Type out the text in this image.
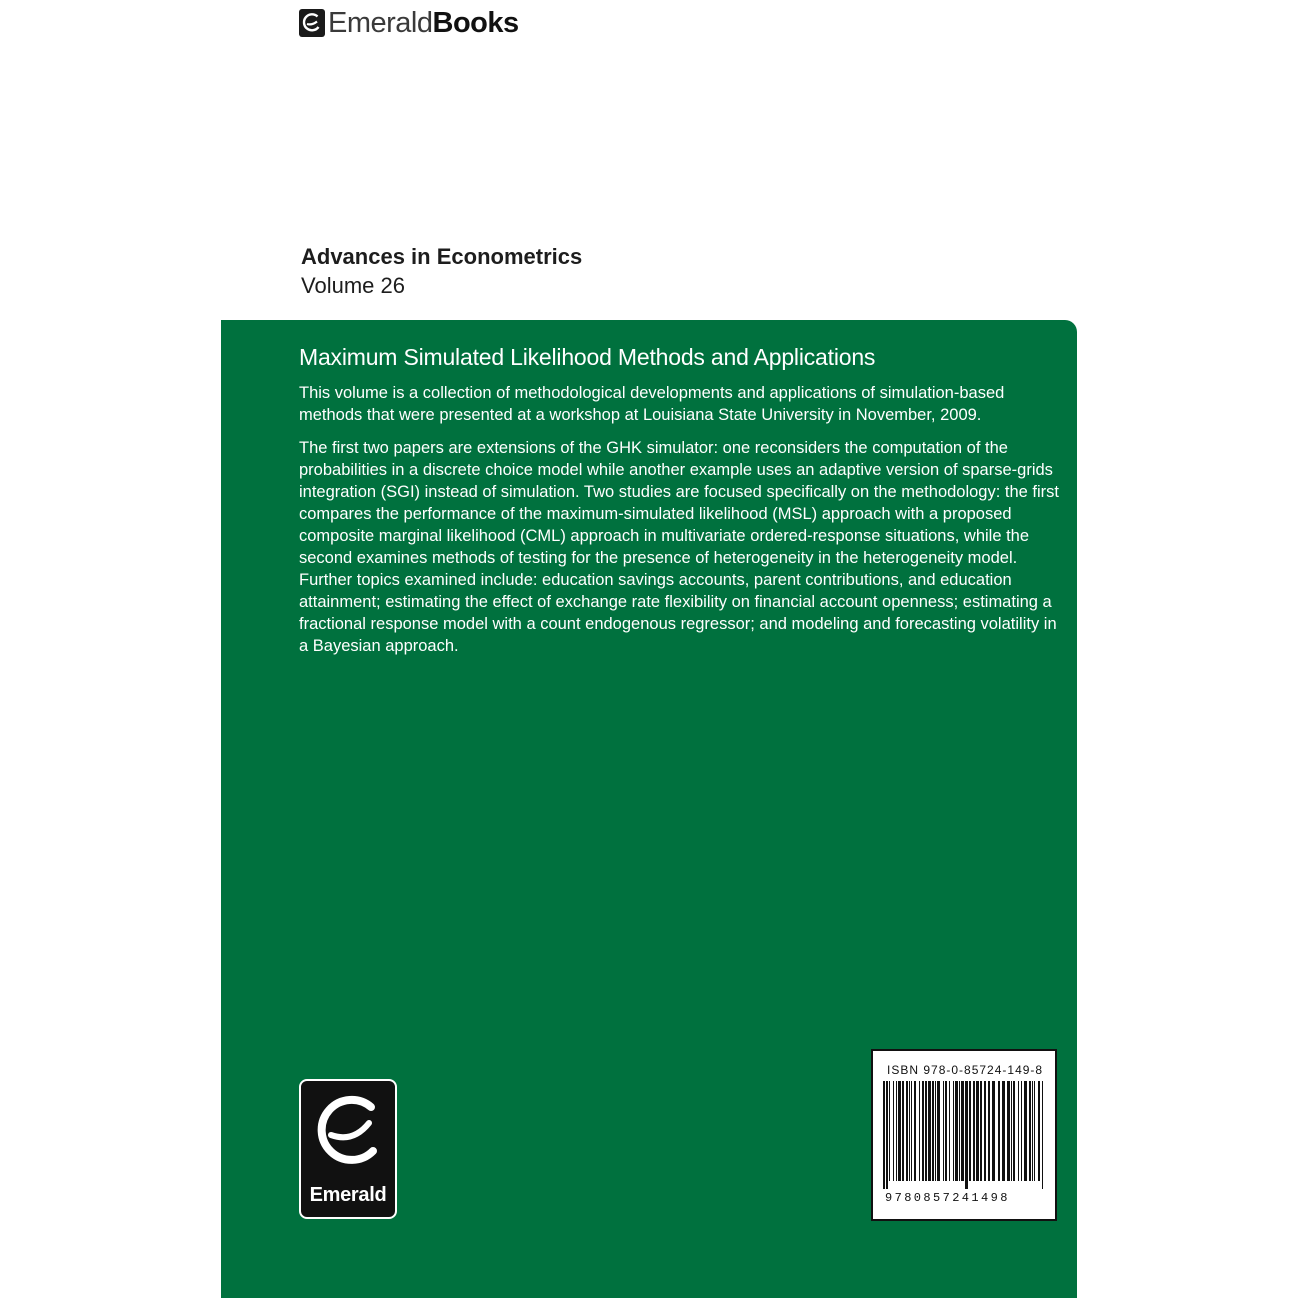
Emerald Books
Advances in Econometrics

Volume 26

Maximum Simulated Likelihood Methods and Applications

This volume is a collection of methodological developments and applications of simulation-based methods that were presented at a workshop at Louisiana State University in November, 2009.

The first two papers are extensions of the GHK simulator: one reconsiders the computation of the probabilities in a discrete choice model while another example uses an adaptive version of sparse-grids integration (SGI) instead of simulation. Two studies are focused specifically on the methodology: the first compares the performance of the maximum-simulated likelihood (MSL) approach with a proposed composite marginal likelihood (CML) approach in multivariate ordered-response situations, while the second examines methods of testing for the presence of heterogeneity in the heterogeneity model. Further topics examined include: education savings accounts, parent contributions, and education attainment; estimating the effect of exchange rate flexibility on financial account openness; estimating a fractional response model with a count endogenous regressor; and modeling and forecasting volatility in a Bayesian approach.

Emerald
ISBN 978-0-85724-149-8
9780857241498
